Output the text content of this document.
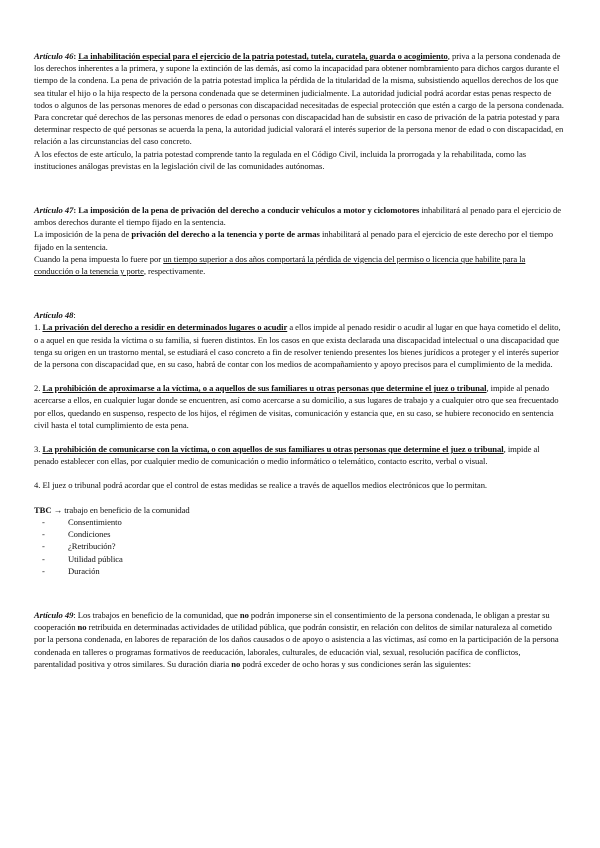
Artículo 46: La inhabilitación especial para el ejercicio de la patria potestad, tutela, curatela, guarda o acogimiento, priva a la persona condenada de los derechos inherentes a la primera, y supone la extinción de las demás, así como la incapacidad para obtener nombramiento para dichos cargos durante el tiempo de la condena. La pena de privación de la patria potestad implica la pérdida de la titularidad de la misma, subsistiendo aquellos derechos de los que sea titular el hijo o la hija respecto de la persona condenada que se determinen judicialmente. La autoridad judicial podrá acordar estas penas respecto de todos o algunos de las personas menores de edad o personas con discapacidad necesitadas de especial protección que estén a cargo de la persona condenada.

Para concretar qué derechos de las personas menores de edad o personas con discapacidad han de subsistir en caso de privación de la patria potestad y para determinar respecto de qué personas se acuerda la pena, la autoridad judicial valorará el interés superior de la persona menor de edad o con discapacidad, en relación a las circunstancias del caso concreto.

A los efectos de este artículo, la patria potestad comprende tanto la regulada en el Código Civil, incluida la prorrogada y la rehabilitada, como las instituciones análogas previstas en la legislación civil de las comunidades autónomas.

Artículo 47: La imposición de la pena de privación del derecho a conducir vehículos a motor y ciclomotores inhabilitará al penado para el ejercicio de ambos derechos durante el tiempo fijado en la sentencia.

La imposición de la pena de privación del derecho a la tenencia y porte de armas inhabilitará al penado para el ejercicio de este derecho por el tiempo fijado en la sentencia.

Cuando la pena impuesta lo fuere por un tiempo superior a dos años comportará la pérdida de vigencia del permiso o licencia que habilite para la conducción o la tenencia y porte, respectivamente.

Artículo 48:

1. La privación del derecho a residir en determinados lugares o acudir a ellos impide al penado residir o acudir al lugar en que haya cometido el delito, o a aquel en que resida la víctima o su familia, si fueren distintos. En los casos en que exista declarada una discapacidad intelectual o una discapacidad que tenga su origen en un trastorno mental, se estudiará el caso concreto a fin de resolver teniendo presentes los bienes jurídicos a proteger y el interés superior de la persona con discapacidad que, en su caso, habrá de contar con los medios de acompañamiento y apoyo precisos para el cumplimiento de la medida.

2. La prohibición de aproximarse a la víctima, o a aquellos de sus familiares u otras personas que determine el juez o tribunal, impide al penado acercarse a ellos, en cualquier lugar donde se encuentren, así como acercarse a su domicilio, a sus lugares de trabajo y a cualquier otro que sea frecuentado por ellos, quedando en suspenso, respecto de los hijos, el régimen de visitas, comunicación y estancia que, en su caso, se hubiere reconocido en sentencia civil hasta el total cumplimiento de esta pena.

3. La prohibición de comunicarse con la víctima, o con aquellos de sus familiares u otras personas que determine el juez o tribunal, impide al penado establecer con ellas, por cualquier medio de comunicación o medio informático o telemático, contacto escrito, verbal o visual.

4. El juez o tribunal podrá acordar que el control de estas medidas se realice a través de aquellos medios electrónicos que lo permitan.

TBC → trabajo en beneficio de la comunidad

- Consentimiento
- Condiciones
- ¿Retribución?
- Utilidad pública
- Duración

Artículo 49: Los trabajos en beneficio de la comunidad, que no podrán imponerse sin el consentimiento de la persona condenada, le obligan a prestar su cooperación no retribuida en determinadas actividades de utilidad pública, que podrán consistir, en relación con delitos de similar naturaleza al cometido por la persona condenada, en labores de reparación de los daños causados o de apoyo o asistencia a las víctimas, así como en la participación de la persona condenada en talleres o programas formativos de reeducación, laborales, culturales, de educación vial, sexual, resolución pacífica de conflictos, parentalidad positiva y otros similares. Su duración diaria no podrá exceder de ocho horas y sus condiciones serán las siguientes:
